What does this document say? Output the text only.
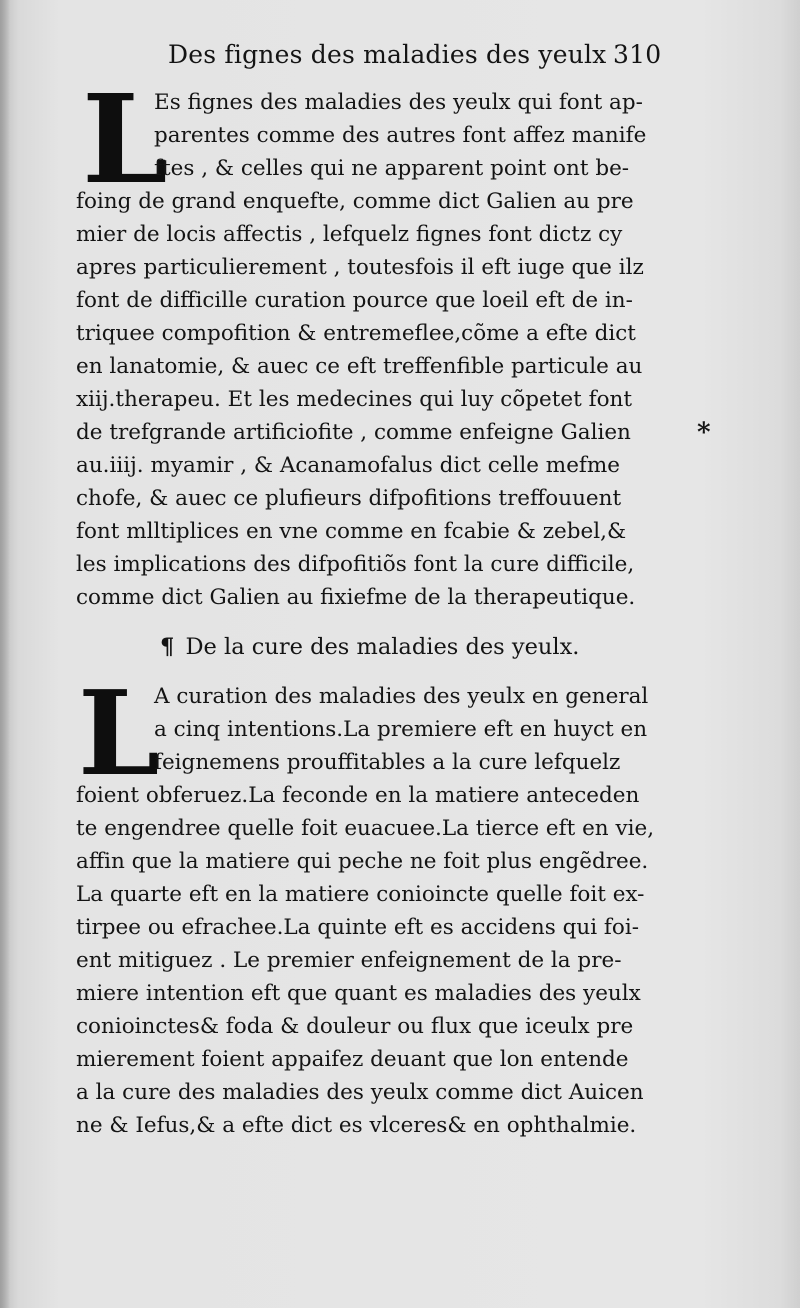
Des fignes des maladies des yeulx 310
L
Es fignes des maladies des yeulx qui font ap-
parentes comme des autres font affez manife
ftes , & celles qui ne apparent point ont be-
foing de grand enquefte, comme dict Galien au pre
mier de locis affectis , lefquelz fignes font dictz cy
apres particulierement , toutesfois il eft iuge que ilz
font de difficille curation pource que loeil eft de in-
triquee compofition & entremeflee,cõme a efte dict
en lanatomie, & auec ce eft treffenfible particule au
xiij.therapeu. Et les medecines qui luy cõpetet font
de trefgrande artificiofite , comme enfeigne Galien
au.iiij. myamir , & Acanamofalus dict celle mefme
chofe, & auec ce plufieurs difpofitions treffouuent
font mlltiplices en vne comme en fcabie & zebel,&
les implications des difpofitiõs font la cure difficile,
comme dict Galien au fixiefme de la therapeutique.
*
¶ De la cure des maladies des yeulx.
L
A curation des maladies des yeulx en general
a cinq intentions.La premiere eft en huyct en
feignemens prouffitables a la cure lefquelz
foient obferuez.La feconde en la matiere anteceden
te engendree quelle foit euacuee.La tierce eft en vie,
affin que la matiere qui peche ne foit plus engẽdree.
La quarte eft en la matiere conioincte quelle foit ex-
tirpee ou efrachee.La quinte eft es accidens qui foi-
ent mitiguez . Le premier enfeignement de la pre-
miere intention eft que quant es maladies des yeulx
conioinctes& foda & douleur ou flux que iceulx pre
mierement foient appaifez deuant que lon entende
a la cure des maladies des yeulx comme dict Auicen
ne & Iefus,& a efte dict es vlceres& en ophthalmie.
